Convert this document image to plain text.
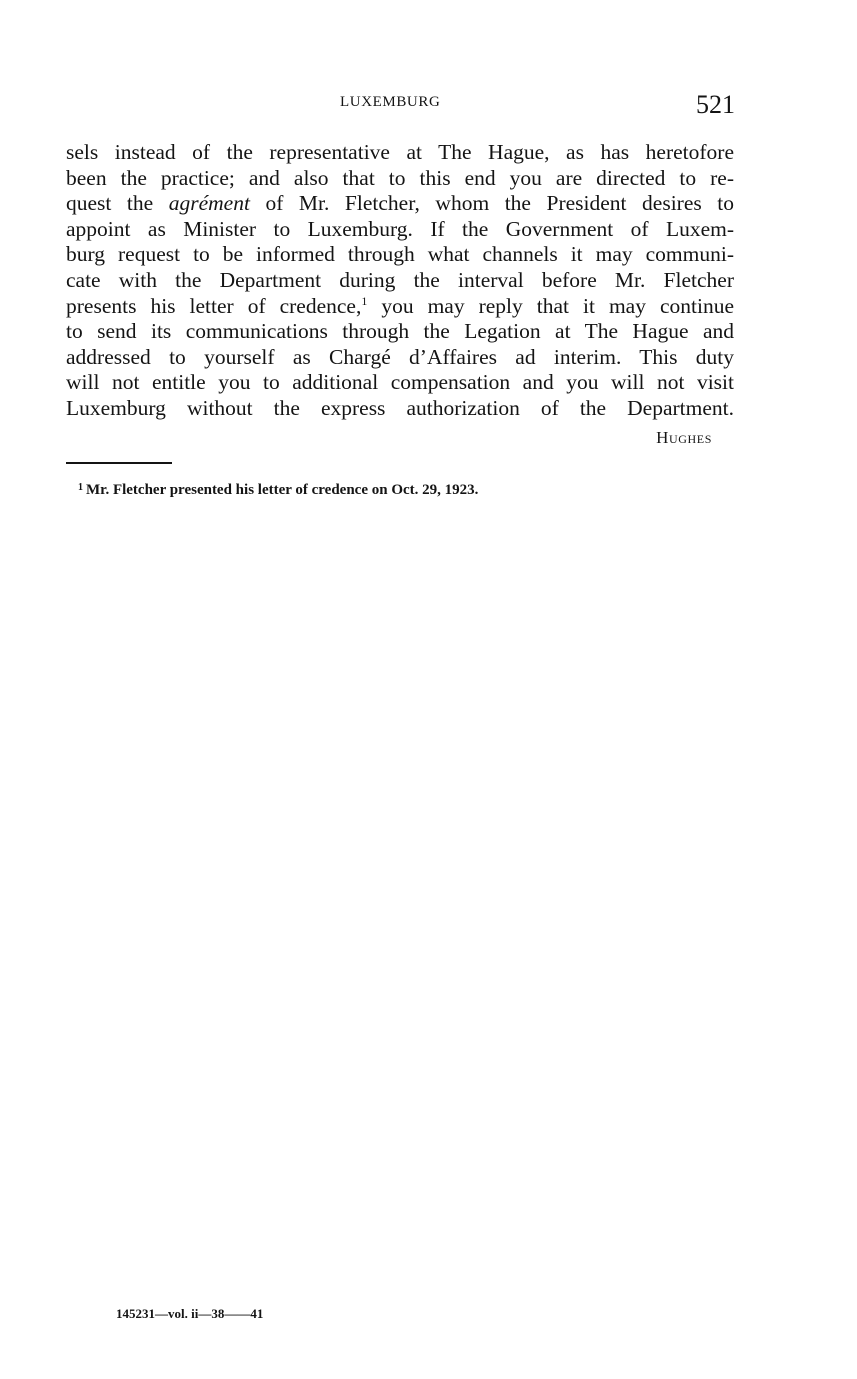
LUXEMBURG	521
sels instead of the representative at The Hague, as has heretofore
been the practice; and also that to this end you are directed to re-
quest the agrément of Mr. Fletcher, whom the President desires to
appoint as Minister to Luxemburg. If the Government of Luxem-
burg request to be informed through what channels it may communi-
cate with the Department during the interval before Mr. Fletcher
presents his letter of credence,$^1$ you may reply that it may continue
to send its communications through the Legation at The Hague and
addressed to yourself as Chargé d’Affaires ad interim. This duty
will not entitle you to additional compensation and you will not visit
Luxemburg without the express authorization of the Department.
Hughes
$^1$ Mr. Fletcher presented his letter of credence on Oct. 29, 1923.
145231—vol. ii—38——41
